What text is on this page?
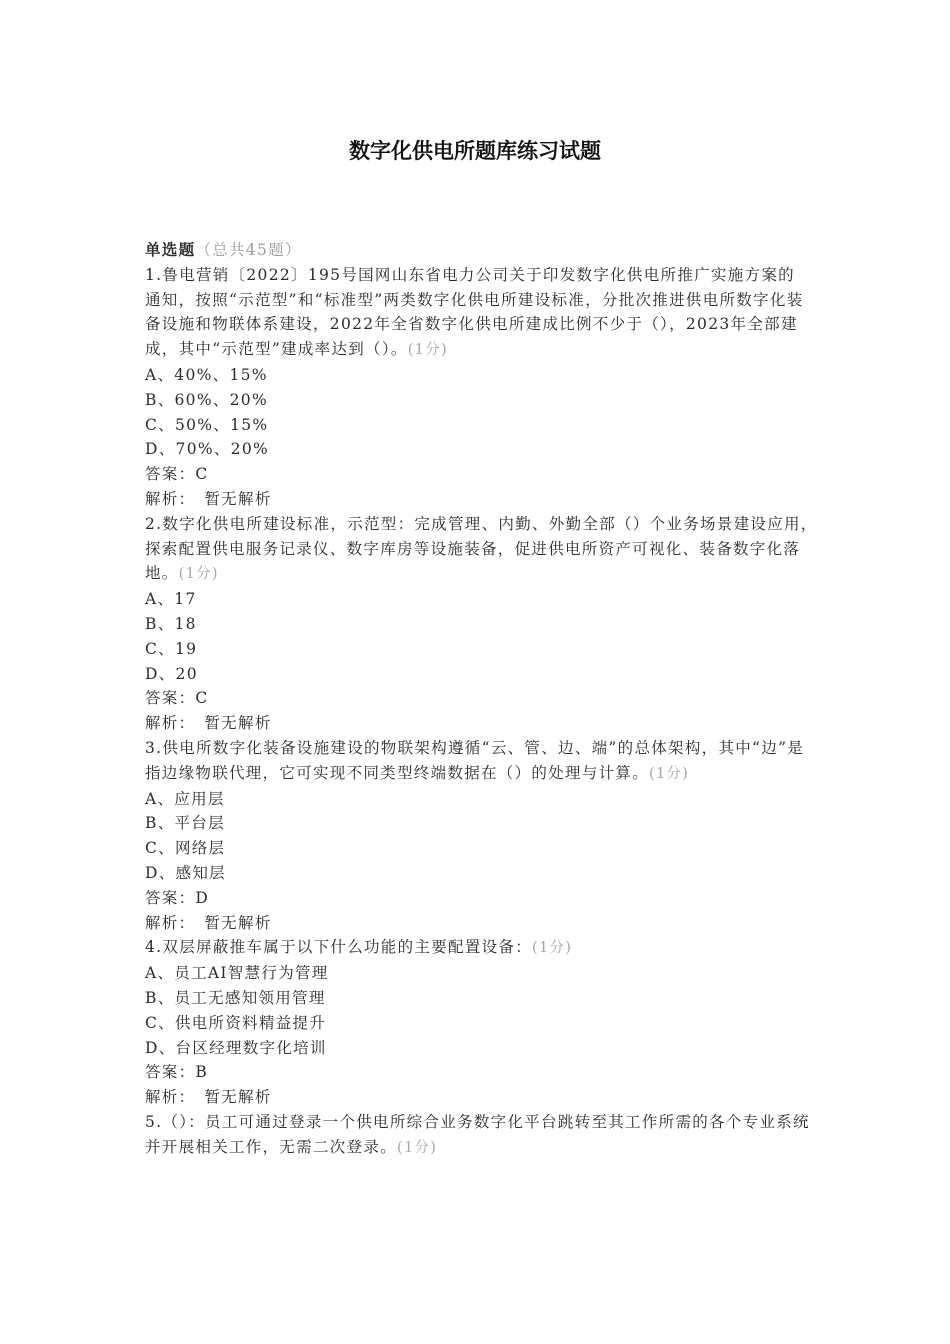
数字化供电所题库练习试题

单选题（总共45题）

1.鲁电营销〔2022〕195号国网山东省电力公司关于印发数字化供电所推广实施方案的通知，按照“示范型”和“标准型”两类数字化供电所建设标准，分批次推进供电所数字化装备设施和物联体系建设，2022年全省数字化供电所建成比例不少于（），2023年全部建成，其中“示范型”建成率达到（）。(1分)

A、40%、15%

B、60%、20%

C、50%、15%

D、70%、20%

答案：C

解析：　暂无解析

2.数字化供电所建设标准，示范型：完成管理、内勤、外勤全部（）个业务场景建设应用，　探索配置供电服务记录仪、数字库房等设施装备，促进供电所资产可视化、装备数字化落地。(1分)

A、17

B、18

C、19

D、20

答案：C

解析：　暂无解析

3.供电所数字化装备设施建设的物联架构遵循“云、管、边、端”的总体架构，其中“边”是指边缘物联代理，它可实现不同类型终端数据在（）的处理与计算。(1分)

A、应用层

B、平台层

C、网络层

D、感知层

答案：D

解析：　暂无解析

4.双层屏蔽推车属于以下什么功能的主要配置设备：(1分)

A、员工AI智慧行为管理

B、员工无感知领用管理

C、供电所资料精益提升

D、台区经理数字化培训

答案：B

解析：　暂无解析

5.（）：员工可通过登录一个供电所综合业务数字化平台跳转至其工作所需的各个专业系统并开展相关工作，无需二次登录。(1分)
